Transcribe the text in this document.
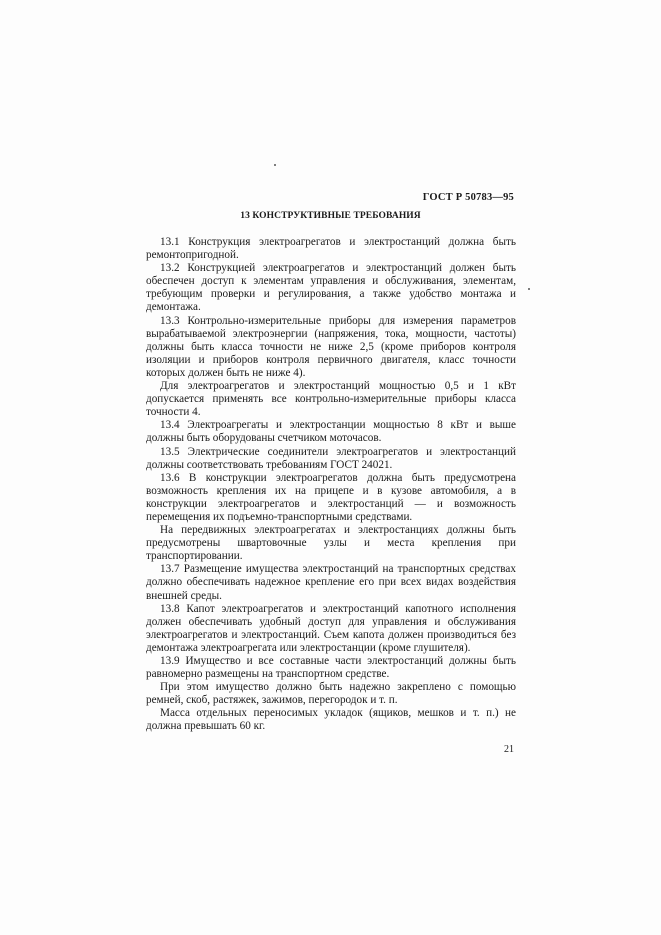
ГОСТ Р 50783—95
13 КОНСТРУКТИВНЫЕ ТРЕБОВАНИЯ

13.1 Конструкция электроагрегатов и электростанций должна быть ремонтопригодной.

13.2 Конструкцией электроагрегатов и электростанций должен быть обеспечен доступ к элементам управления и обслуживания, элементам, требующим проверки и регулирования, а также удобство монтажа и демонтажа.

13.3 Контрольно-измерительные приборы для измерения параметров вырабатываемой электроэнергии (напряжения, тока, мощности, частоты) должны быть класса точности не ниже 2,5 (кроме приборов контроля изоляции и приборов контроля первичного двигателя, класс точности которых должен быть не ниже 4).

Для электроагрегатов и электростанций мощностью 0,5 и 1 кВт допускается применять все контрольно-измерительные приборы класса точности 4.

13.4 Электроагрегаты и электростанции мощностью 8 кВт и выше должны быть оборудованы счетчиком моточасов.

13.5 Электрические соединители электроагрегатов и электростанций должны соответствовать требованиям ГОСТ 24021.

13.6 В конструкции электроагрегатов должна быть предусмотрена возможность крепления их на прицепе и в кузове автомобиля, а в конструкции электроагрегатов и электростанций — и возможность перемещения их подъемно-транспортными средствами.

На передвижных электроагрегатах и электростанциях должны быть предусмотрены швартовочные узлы и места крепления при транспортировании.

13.7 Размещение имущества электростанций на транспортных средствах должно обеспечивать надежное крепление его при всех видах воздействия внешней среды.

13.8 Капот электроагрегатов и электростанций капотного исполнения должен обеспечивать удобный доступ для управления и обслуживания электроагрегатов и электростанций. Съем капота должен производиться без демонтажа электроагрегата или электростанции (кроме глушителя).

13.9 Имущество и все составные части электростанций должны быть равномерно размещены на транспортном средстве.

При этом имущество должно быть надежно закреплено с помощью ремней, скоб, растяжек, зажимов, перегородок и т. п.

Масса отдельных переносимых укладок (ящиков, мешков и т. п.) не должна превышать 60 кг.

21
